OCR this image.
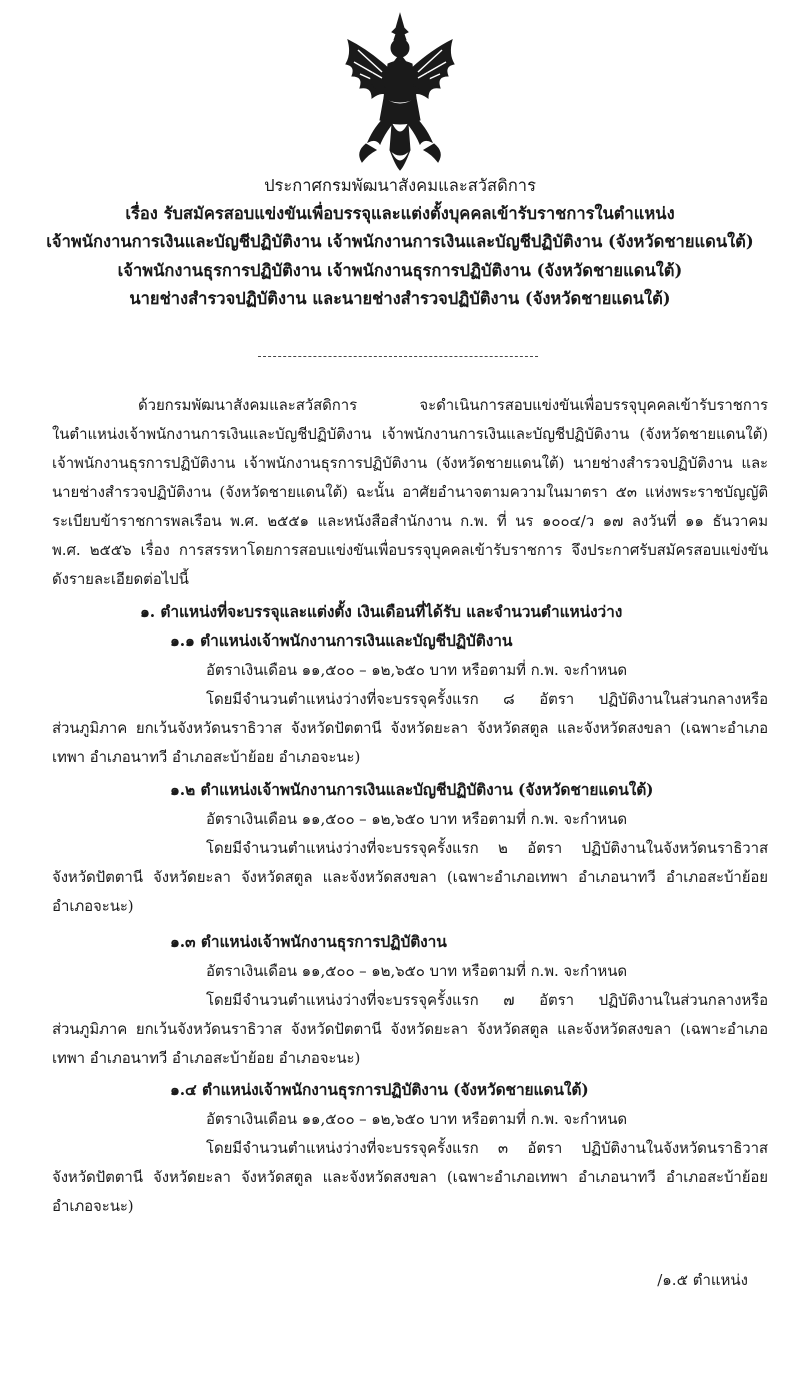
ประกาศกรมพัฒนาสังคมและสวัสดิการ
เรื่อง รับสมัครสอบแข่งขันเพื่อบรรจุและแต่งตั้งบุคคลเข้ารับราชการในตำแหน่ง
เจ้าพนักงานการเงินและบัญชีปฏิบัติงาน เจ้าพนักงานการเงินและบัญชีปฏิบัติงาน (จังหวัดชายแดนใต้)
เจ้าพนักงานธุรการปฏิบัติงาน เจ้าพนักงานธุรการปฏิบัติงาน (จังหวัดชายแดนใต้)
นายช่างสำรวจปฏิบัติงาน และนายช่างสำรวจปฏิบัติงาน (จังหวัดชายแดนใต้)
ด้วยกรมพัฒนาสังคมและสวัสดิการ จะดำเนินการสอบแข่งขันเพื่อบรรจุบุคคลเข้ารับราชการ
ในตำแหน่งเจ้าพนักงานการเงินและบัญชีปฏิบัติงาน เจ้าพนักงานการเงินและบัญชีปฏิบัติงาน (จังหวัดชายแดนใต้)
เจ้าพนักงานธุรการปฏิบัติงาน เจ้าพนักงานธุรการปฏิบัติงาน (จังหวัดชายแดนใต้) นายช่างสำรวจปฏิบัติงาน และ
นายช่างสำรวจปฏิบัติงาน (จังหวัดชายแดนใต้) ฉะนั้น อาศัยอำนาจตามความในมาตรา ๕๓ แห่งพระราชบัญญัติ
ระเบียบข้าราชการพลเรือน พ.ศ. ๒๕๕๑ และหนังสือสำนักงาน ก.พ. ที่ นร ๑๐๐๔/ว ๑๗ ลงวันที่ ๑๑ ธันวาคม
พ.ศ. ๒๕๕๖ เรื่อง การสรรหาโดยการสอบแข่งขันเพื่อบรรจุบุคคลเข้ารับราชการ จึงประกาศรับสมัครสอบแข่งขัน
ดังรายละเอียดต่อไปนี้
๑. ตำแหน่งที่จะบรรจุและแต่งตั้ง เงินเดือนที่ได้รับ และจำนวนตำแหน่งว่าง
๑.๑ ตำแหน่งเจ้าพนักงานการเงินและบัญชีปฏิบัติงาน
อัตราเงินเดือน ๑๑,๕๐๐ – ๑๒,๖๕๐ บาท หรือตามที่ ก.พ. จะกำหนด
โดยมีจำนวนตำแหน่งว่างที่จะบรรจุครั้งแรก ๘ อัตรา ปฏิบัติงานในส่วนกลางหรือ
ส่วนภูมิภาค ยกเว้นจังหวัดนราธิวาส จังหวัดปัตตานี จังหวัดยะลา จังหวัดสตูล และจังหวัดสงขลา (เฉพาะอำเภอ
เทพา อำเภอนาทวี อำเภอสะบ้าย้อย อำเภอจะนะ)
๑.๒ ตำแหน่งเจ้าพนักงานการเงินและบัญชีปฏิบัติงาน (จังหวัดชายแดนใต้)
อัตราเงินเดือน ๑๑,๕๐๐ – ๑๒,๖๕๐ บาท หรือตามที่ ก.พ. จะกำหนด
โดยมีจำนวนตำแหน่งว่างที่จะบรรจุครั้งแรก ๒ อัตรา ปฏิบัติงานในจังหวัดนราธิวาส
จังหวัดปัตตานี จังหวัดยะลา จังหวัดสตูล และจังหวัดสงขลา (เฉพาะอำเภอเทพา อำเภอนาทวี อำเภอสะบ้าย้อย
อำเภอจะนะ)
๑.๓ ตำแหน่งเจ้าพนักงานธุรการปฏิบัติงาน
อัตราเงินเดือน ๑๑,๕๐๐ – ๑๒,๖๕๐ บาท หรือตามที่ ก.พ. จะกำหนด
โดยมีจำนวนตำแหน่งว่างที่จะบรรจุครั้งแรก ๗ อัตรา ปฏิบัติงานในส่วนกลางหรือ
ส่วนภูมิภาค ยกเว้นจังหวัดนราธิวาส จังหวัดปัตตานี จังหวัดยะลา จังหวัดสตูล และจังหวัดสงขลา (เฉพาะอำเภอ
เทพา อำเภอนาทวี อำเภอสะบ้าย้อย อำเภอจะนะ)
๑.๔ ตำแหน่งเจ้าพนักงานธุรการปฏิบัติงาน (จังหวัดชายแดนใต้)
อัตราเงินเดือน ๑๑,๕๐๐ – ๑๒,๖๕๐ บาท หรือตามที่ ก.พ. จะกำหนด
โดยมีจำนวนตำแหน่งว่างที่จะบรรจุครั้งแรก ๓ อัตรา ปฏิบัติงานในจังหวัดนราธิวาส
จังหวัดปัตตานี จังหวัดยะลา จังหวัดสตูล และจังหวัดสงขลา (เฉพาะอำเภอเทพา อำเภอนาทวี อำเภอสะบ้าย้อย
อำเภอจะนะ)
/๑.๕ ตำแหน่ง
